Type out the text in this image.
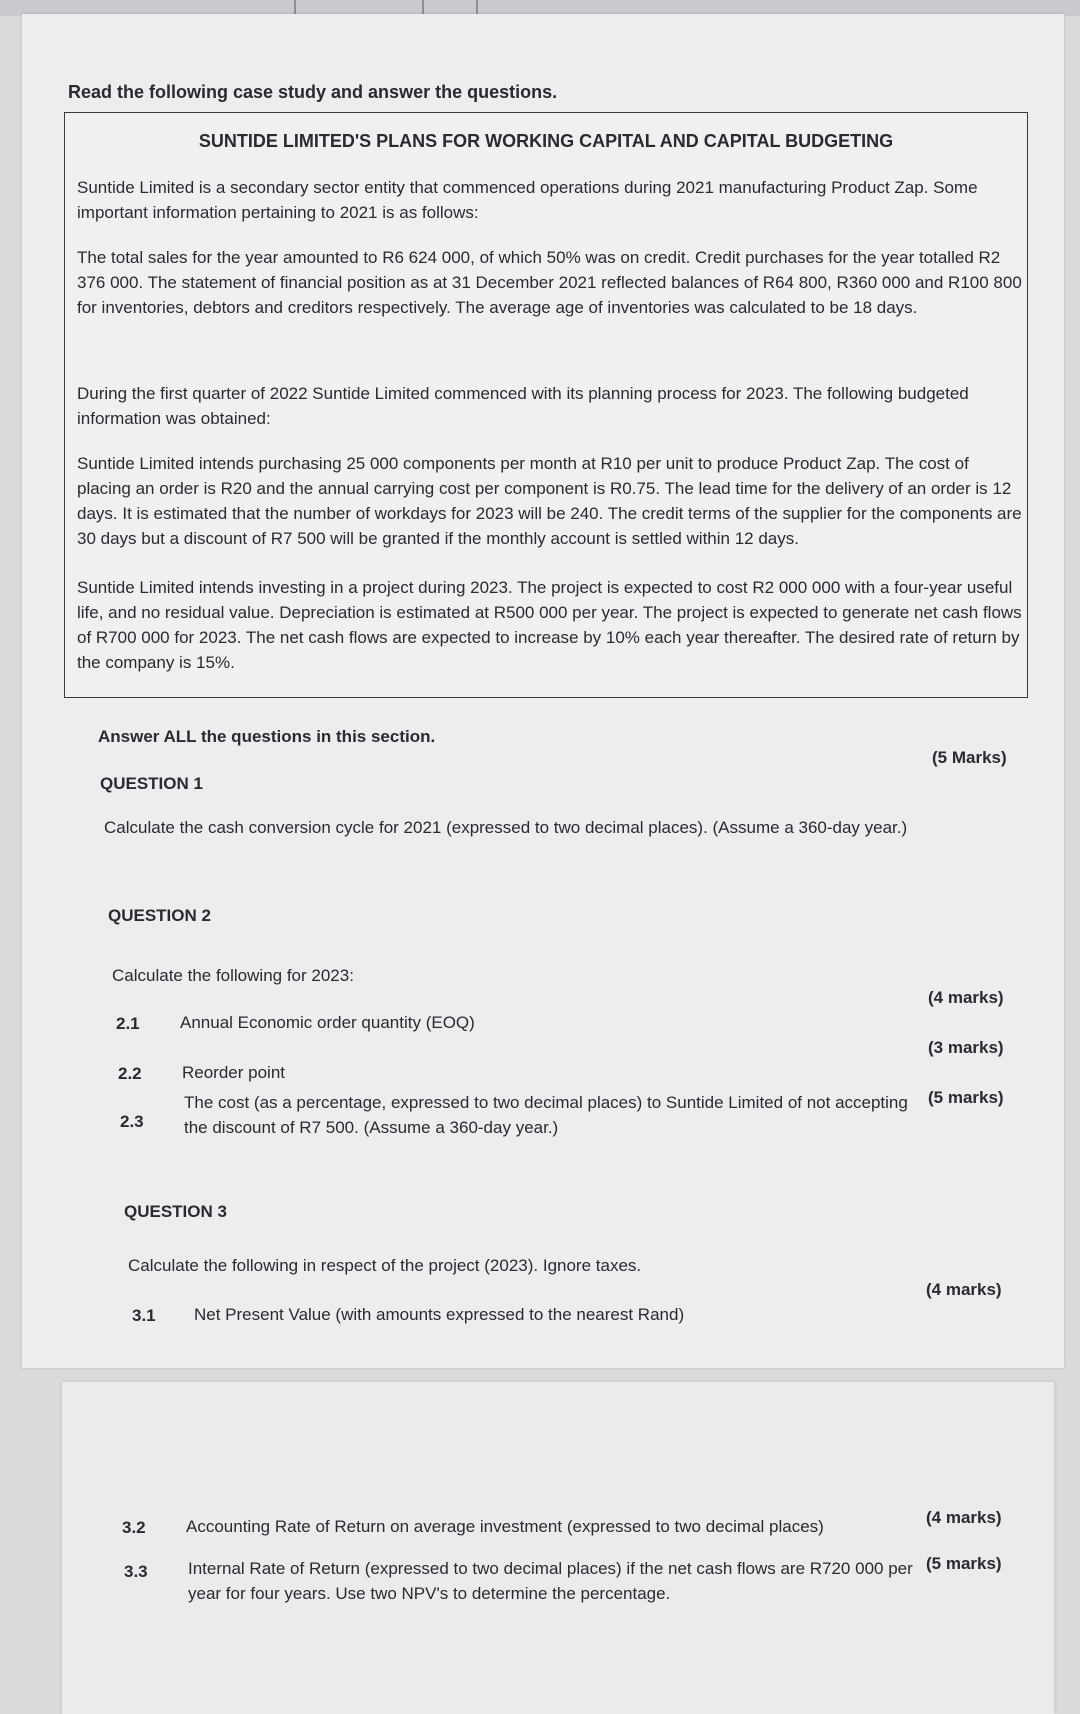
Read the following case study and answer the questions.
SUNTIDE LIMITED'S PLANS FOR WORKING CAPITAL AND CAPITAL BUDGETING
Suntide Limited is a secondary sector entity that commenced operations during 2021 manufacturing Product Zap. Some important information pertaining to 2021 is as follows:
The total sales for the year amounted to R6 624 000, of which 50% was on credit. Credit purchases for the year totalled R2 376 000. The statement of financial position as at 31 December 2021 reflected balances of R64 800, R360 000 and R100 800 for inventories, debtors and creditors respectively. The average age of inventories was calculated to be 18 days.
During the first quarter of 2022 Suntide Limited commenced with its planning process for 2023. The following budgeted information was obtained:
Suntide Limited intends purchasing 25 000 components per month at R10 per unit to produce Product Zap. The cost of placing an order is R20 and the annual carrying cost per component is R0.75. The lead time for the delivery of an order is 12 days. It is estimated that the number of workdays for 2023 will be 240. The credit terms of the supplier for the components are 30 days but a discount of R7 500 will be granted if the monthly account is settled within 12 days.
Suntide Limited intends investing in a project during 2023. The project is expected to cost R2 000 000 with a four-year useful life, and no residual value. Depreciation is estimated at R500 000 per year. The project is expected to generate net cash flows of R700 000 for 2023. The net cash flows are expected to increase by 10% each year thereafter. The desired rate of return by the company is 15%.
Answer ALL the questions in this section.
QUESTION 1
(5 Marks)
Calculate the cash conversion cycle for 2021 (expressed to two decimal places). (Assume a 360-day year.)
QUESTION 2
Calculate the following for 2023:
2.1 Annual Economic order quantity (EOQ)
(4 marks)
2.2 Reorder point
(3 marks)
2.3
The cost (as a percentage, expressed to two decimal places) to Suntide Limited of not accepting the discount of R7 500. (Assume a 360-day year.)
(5 marks)
QUESTION 3
Calculate the following in respect of the project (2023). Ignore taxes.
3.1 Net Present Value (with amounts expressed to the nearest Rand)
(4 marks)
3.2 Accounting Rate of Return on average investment (expressed to two decimal places)	(4 marks)
3.3 Internal Rate of Return (expressed to two decimal places) if the net cash flows are R720 000 per year for four years. Use two NPV's to determine the percentage.
(5 marks)
